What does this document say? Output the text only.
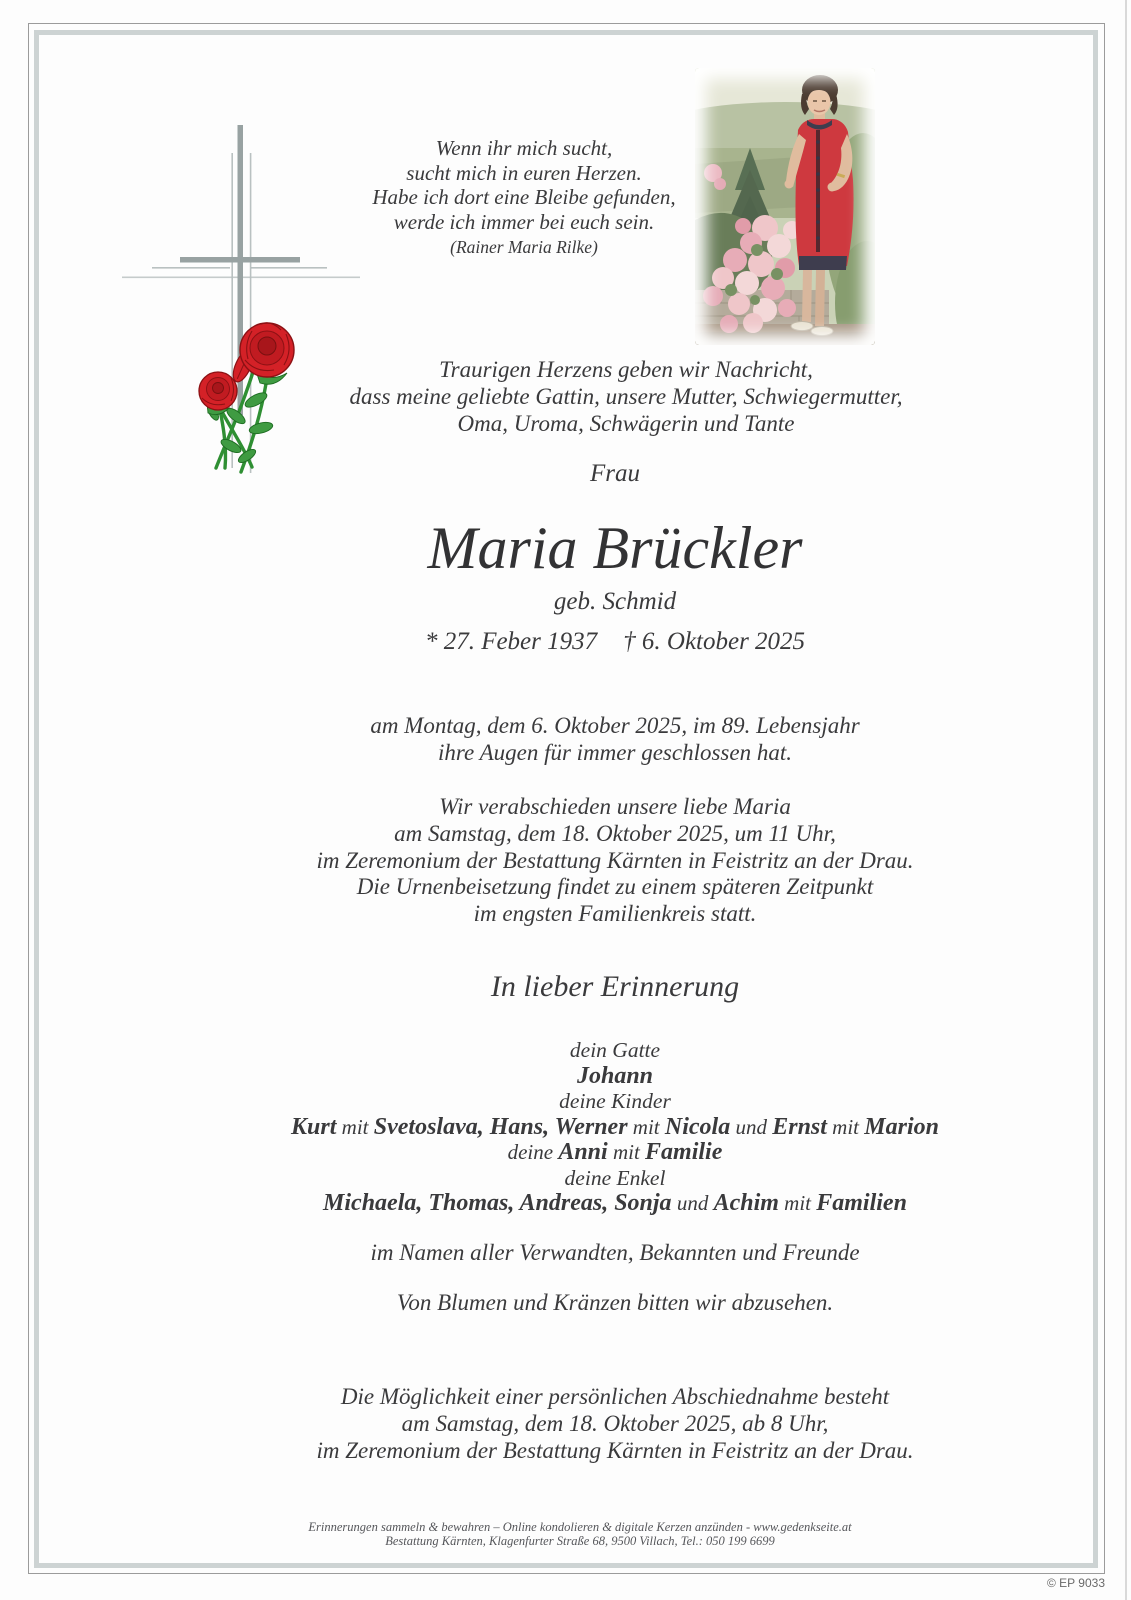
Wenn ihr mich sucht,
sucht mich in euren Herzen.
Habe ich dort eine Bleibe gefunden,
werde ich immer bei euch sein.
(Rainer Maria Rilke)
Traurigen Herzens geben wir Nachricht,
dass meine geliebte Gattin, unsere Mutter, Schwiegermutter,
Oma, Uroma, Schwägerin und Tante
Frau
Maria Brückler
geb. Schmid
* 27. Feber 1937 † 6. Oktober 2025
am Montag, dem 6. Oktober 2025, im 89. Lebensjahr
ihre Augen für immer geschlossen hat.
Wir verabschieden unsere liebe Maria
am Samstag, dem 18. Oktober 2025, um 11 Uhr,
im Zeremonium der Bestattung Kärnten in Feistritz an der Drau.
Die Urnenbeisetzung findet zu einem späteren Zeitpunkt
im engsten Familienkreis statt.
In lieber Erinnerung
dein Gatte
Johann
deine Kinder
Kurt mit Svetoslava, Hans, Werner mit Nicola und Ernst mit Marion
deine Anni mit Familie
deine Enkel
Michaela, Thomas, Andreas, Sonja und Achim mit Familien
im Namen aller Verwandten, Bekannten und Freunde
Von Blumen und Kränzen bitten wir abzusehen.
Die Möglichkeit einer persönlichen Abschiednahme besteht
am Samstag, dem 18. Oktober 2025, ab 8 Uhr,
im Zeremonium der Bestattung Kärnten in Feistritz an der Drau.
Erinnerungen sammeln & bewahren – Online kondolieren & digitale Kerzen anzünden - www.gedenkseite.at
Bestattung Kärnten, Klagenfurter Straße 68, 9500 Villach, Tel.: 050 199 6699
© EP 9033
